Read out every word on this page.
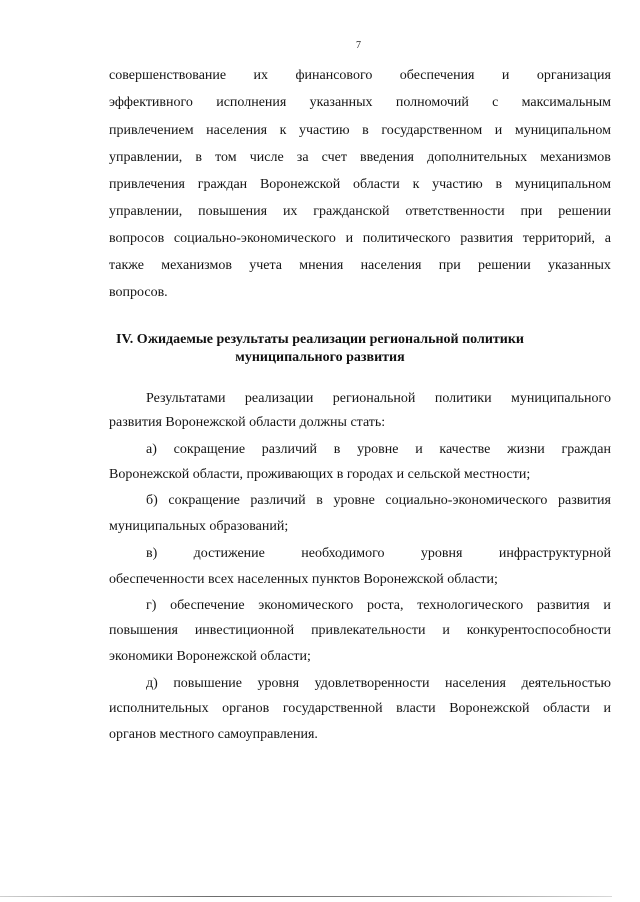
7
совершенствование их финансового обеспечения и организация
эффективного исполнения указанных полномочий с максимальным
привлечением населения к участию в государственном и муниципальном
управлении, в том числе за счет введения дополнительных механизмов
привлечения граждан Воронежской области к участию в муниципальном
управлении, повышения их гражданской ответственности при решении
вопросов социально-экономического и политического развития территорий, а
также механизмов учета мнения населения при решении указанных
вопросов.
IV. Ожидаемые результаты реализации региональной политики
муниципального развития
Результатами реализации региональной политики муниципального
развития Воронежской области должны стать:
а) сокращение различий в уровне и качестве жизни граждан
Воронежской области, проживающих в городах и сельской местности;
б) сокращение различий в уровне социально-экономического развития
муниципальных образований;
в)	достижение	необходимого	уровня	инфраструктурной
обеспеченности всех населенных пунктов Воронежской области;
г) обеспечение экономического роста, технологического развития и
повышения инвестиционной привлекательности и конкурентоспособности
экономики Воронежской области;
д) повышение уровня удовлетворенности населения деятельностью
исполнительных органов государственной власти Воронежской области и
органов местного самоуправления.
